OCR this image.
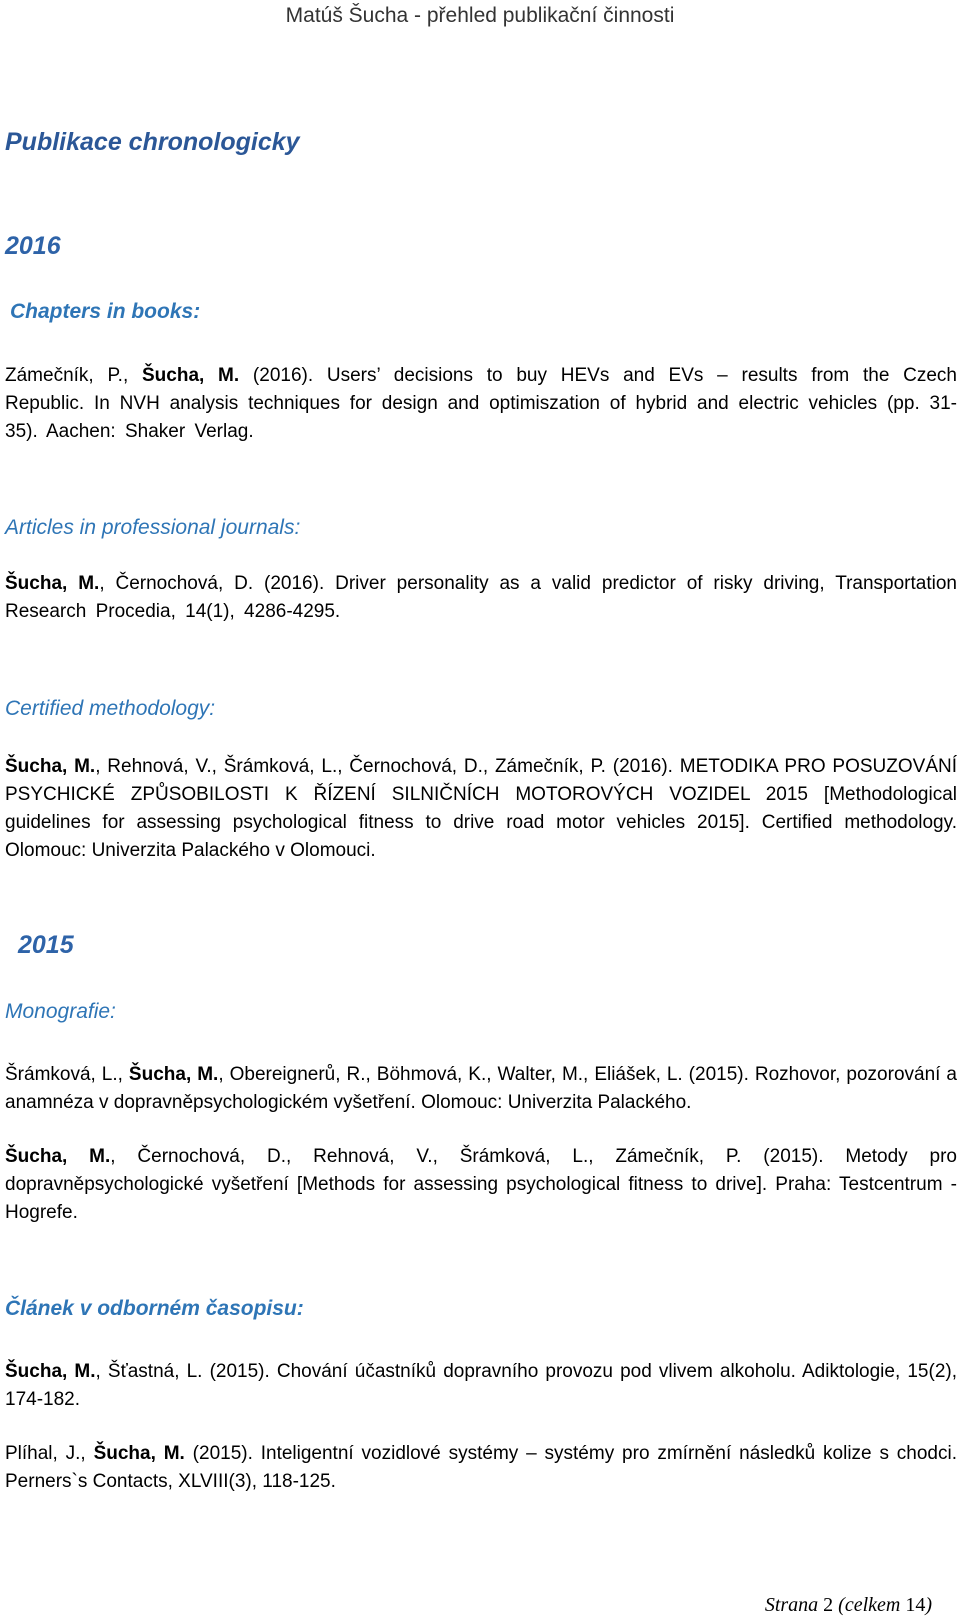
Matúš Šucha - přehled publikační činnosti
Publikace chronologicky
2016
Chapters in books:
Zámečník, P., Šucha, M. (2016). Users’ decisions to buy HEVs and EVs – results from the Czech Republic. In NVH analysis techniques for design and optimiszation of hybrid and electric vehicles (pp. 31-35). Aachen: Shaker Verlag.
Articles in professional journals:
Šucha, M., Černochová, D. (2016). Driver personality as a valid predictor of risky driving, Transportation Research Procedia, 14(1), 4286-4295.
Certified methodology:
Šucha, M., Rehnová, V., Šrámková, L., Černochová, D., Zámečník, P. (2016). METODIKA PRO POSUZOVÁNÍ PSYCHICKÉ ZPŮSOBILOSTI K ŘÍZENÍ SILNIČNÍCH MOTOROVÝCH VOZIDEL 2015 [Methodological guidelines for assessing psychological fitness to drive road motor vehicles 2015]. Certified methodology. Olomouc: Univerzita Palackého v Olomouci.
2015
Monografie:
Šrámková, L., Šucha, M., Obereignerů, R., Böhmová, K., Walter, M., Eliášek, L. (2015). Rozhovor, pozorování a anamnéza v dopravněpsychologickém vyšetření. Olomouc: Univerzita Palackého.
Šucha, M., Černochová, D., Rehnová, V., Šrámková, L., Zámečník, P. (2015). Metody pro dopravněpsychologické vyšetření [Methods for assessing psychological fitness to drive]. Praha: Testcentrum - Hogrefe.
Článek v odborném časopisu:
Šucha, M., Šťastná, L. (2015). Chování účastníků dopravního provozu pod vlivem alkoholu. Adiktologie, 15(2), 174-182.
Plíhal, J., Šucha, M. (2015). Inteligentní vozidlové systémy – systémy pro zmírnění následků kolize s chodci. Perners`s Contacts, XLVIII(3), 118-125.
Strana 2 (celkem 14)
